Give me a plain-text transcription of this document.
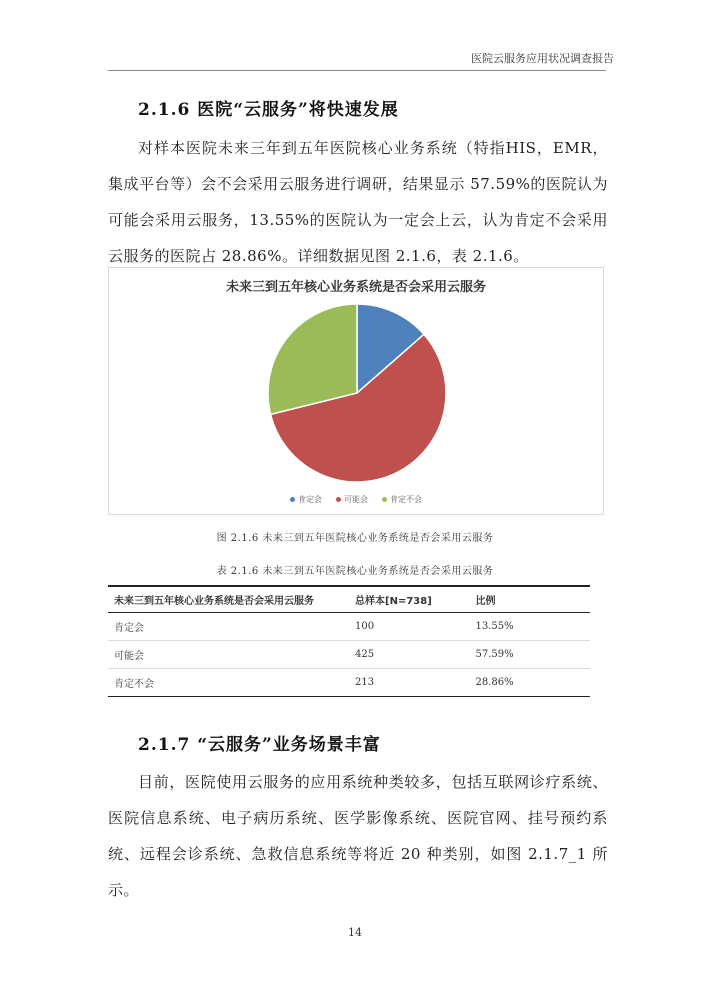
医院云服务应用状况调查报告
2.1.6 医院“云服务”将快速发展
对样本医院未来三年到五年医院核心业务系统（特指HIS，EMR，集成平台等）会不会采用云服务进行调研，结果显示 57.59%的医院认为可能会采用云服务，13.55%的医院认为一定会上云，认为肯定不会采用云服务的医院占 28.86%。详细数据见图 2.1.6，表 2.1.6。
未来三到五年核心业务系统是否会采用云服务
肯定会	可能会	肯定不会
图 2.1.6 未来三到五年医院核心业务系统是否会采用云服务
表 2.1.6 未来三到五年医院核心业务系统是否会采用云服务
未来三到五年核心业务系统是否会采用云服务	总样本[N=738]	比例
肯定会	100	13.55%
可能会	425	57.59%
肯定不会	213	28.86%
2.1.7 “云服务”业务场景丰富
目前，医院使用云服务的应用系统种类较多，包括互联网诊疗系统、医院信息系统、电子病历系统、医学影像系统、医院官网、挂号预约系统、远程会诊系统、急救信息系统等将近 20 种类别，如图 2.1.7_1 所示。
14
